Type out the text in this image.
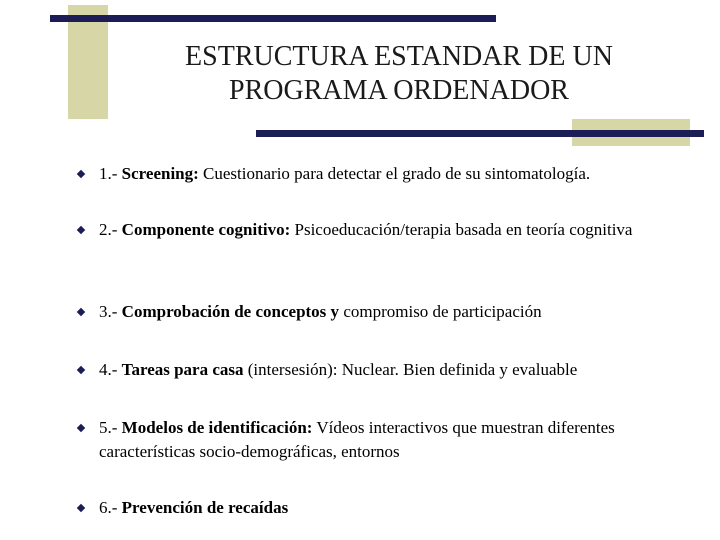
ESTRUCTURA ESTANDAR DE UN
PROGRAMA ORDENADOR
1.- Screening: Cuestionario para detectar el grado de su sintomatología.
2.- Componente cognitivo: Psicoeducación/terapia basada en teoría cognitiva
3.- Comprobación de conceptos y compromiso de participación
4.- Tareas para casa (intersesión): Nuclear. Bien definida y evaluable
5.- Modelos de identificación: Vídeos interactivos que muestran diferentes características socio-demográficas, entornos
6.- Prevención de recaídas
